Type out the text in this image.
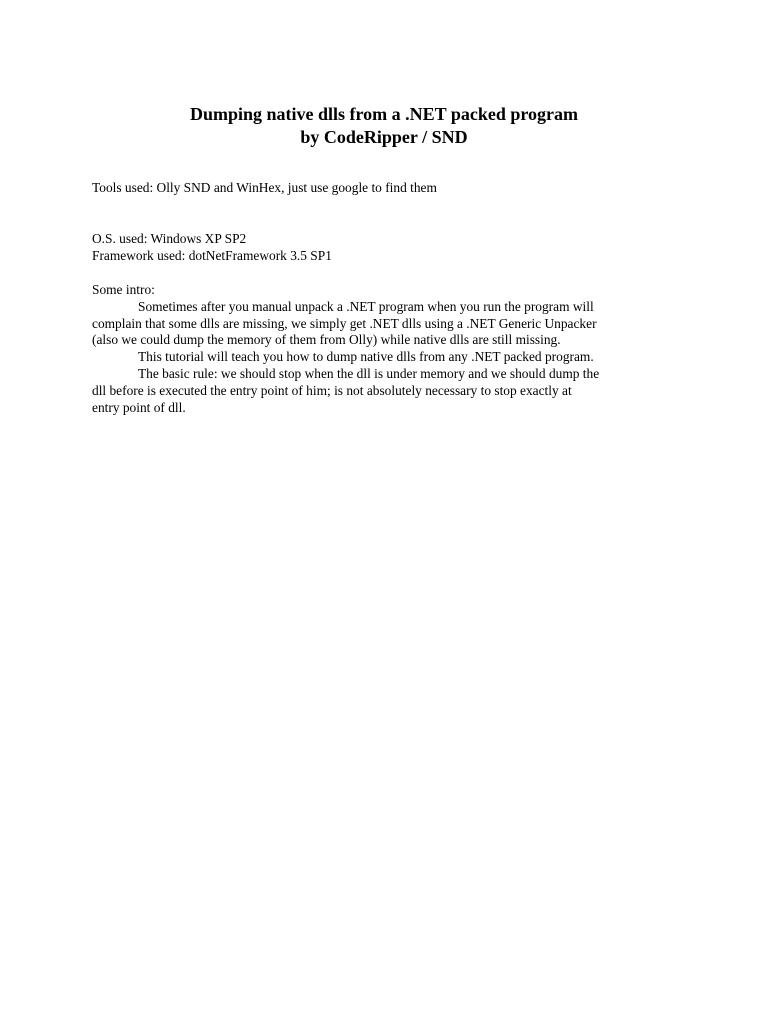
Dumping native dlls from a .NET packed program
by CodeRipper / SND
Tools used: Olly SND and WinHex, just use google to find them
O.S. used: Windows XP SP2
Framework used: dotNetFramework 3.5 SP1
Some intro:
Sometimes after you manual unpack a .NET program when you run the program will
complain that some dlls are missing, we simply get .NET dlls using a .NET Generic Unpacker
(also we could dump the memory of them from Olly) while native dlls are still missing.
This tutorial will teach you how to dump native dlls from any .NET packed program.
The basic rule: we should stop when the dll is under memory and we should dump the
dll before is executed the entry point of him; is not absolutely necessary to stop exactly at
entry point of dll.
